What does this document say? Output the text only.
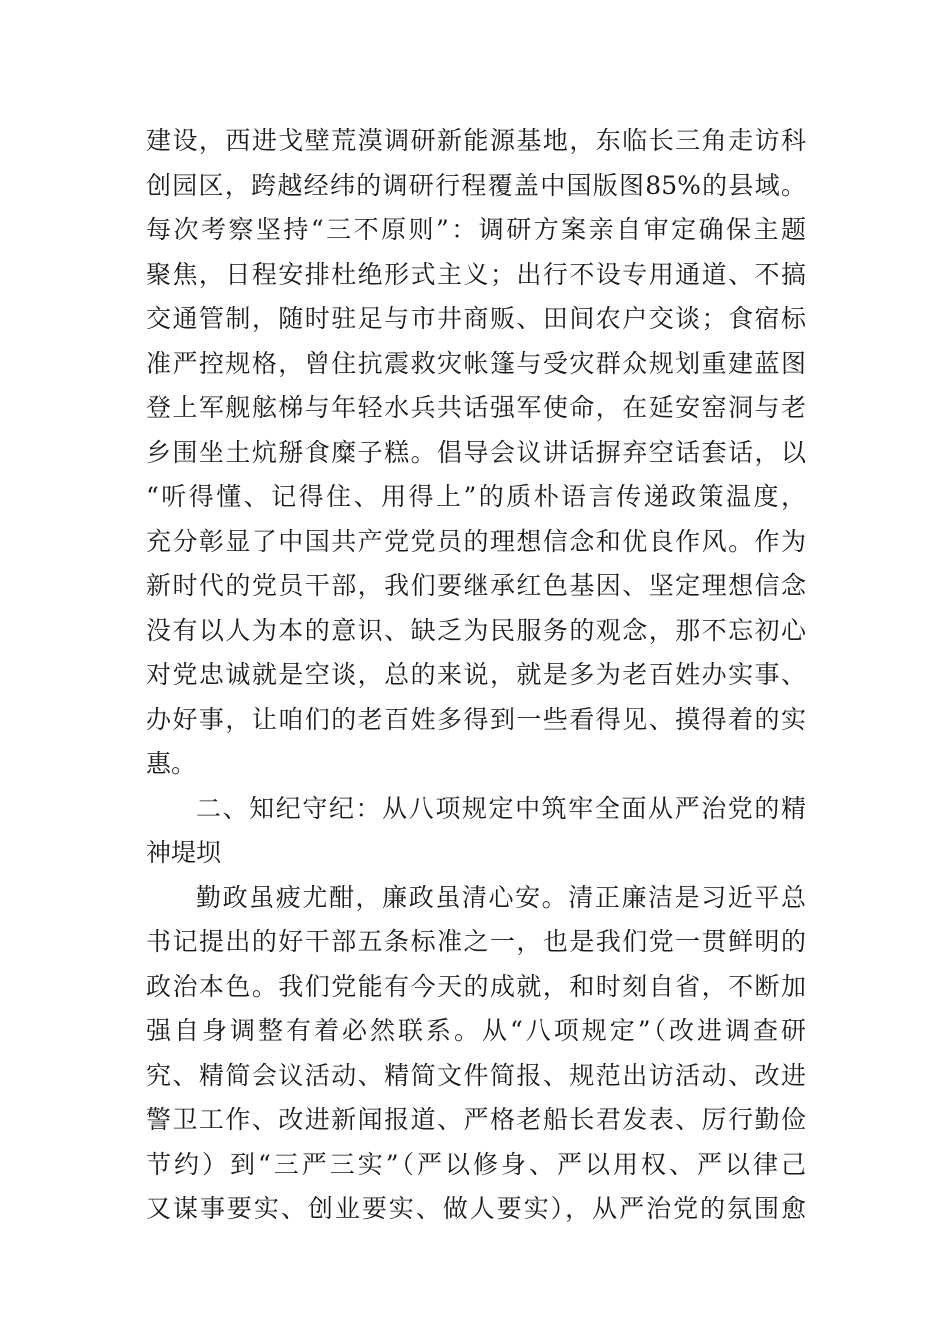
建设，西进戈壁荒漠调研新能源基地，东临长三角走访科
创园区，跨越经纬的调研行程覆盖中国版图85%的县域。
每次考察坚持“三不原则”：调研方案亲自审定确保主题
聚焦，日程安排杜绝形式主义；出行不设专用通道、不搞
交通管制，随时驻足与市井商贩、田间农户交谈；食宿标
准严控规格，曾住抗震救灾帐篷与受灾群众规划重建蓝图
登上军舰舷梯与年轻水兵共话强军使命，在延安窑洞与老
乡围坐土炕掰食糜子糕。倡导会议讲话摒弃空话套话，以
“听得懂、记得住、用得上”的质朴语言传递政策温度，
充分彰显了中国共产党党员的理想信念和优良作风。作为
新时代的党员干部，我们要继承红色基因、坚定理想信念
没有以人为本的意识、缺乏为民服务的观念，那不忘初心
对党忠诚就是空谈，总的来说，就是多为老百姓办实事、
办好事，让咱们的老百姓多得到一些看得见、摸得着的实
惠。
二、知纪守纪：从八项规定中筑牢全面从严治党的精
神堤坝
勤政虽疲尤酣，廉政虽清心安。清正廉洁是习近平总
书记提出的好干部五条标准之一，也是我们党一贯鲜明的
政治本色。我们党能有今天的成就，和时刻自省，不断加
强自身调整有着必然联系。从“八项规定”（改进调查研
究、精简会议活动、精简文件简报、规范出访活动、改进
警卫工作、改进新闻报道、严格老船长君发表、厉行勤俭
节约）到“三严三实”（严以修身、严以用权、严以律己
又谋事要实、创业要实、做人要实），从严治党的氛围愈
